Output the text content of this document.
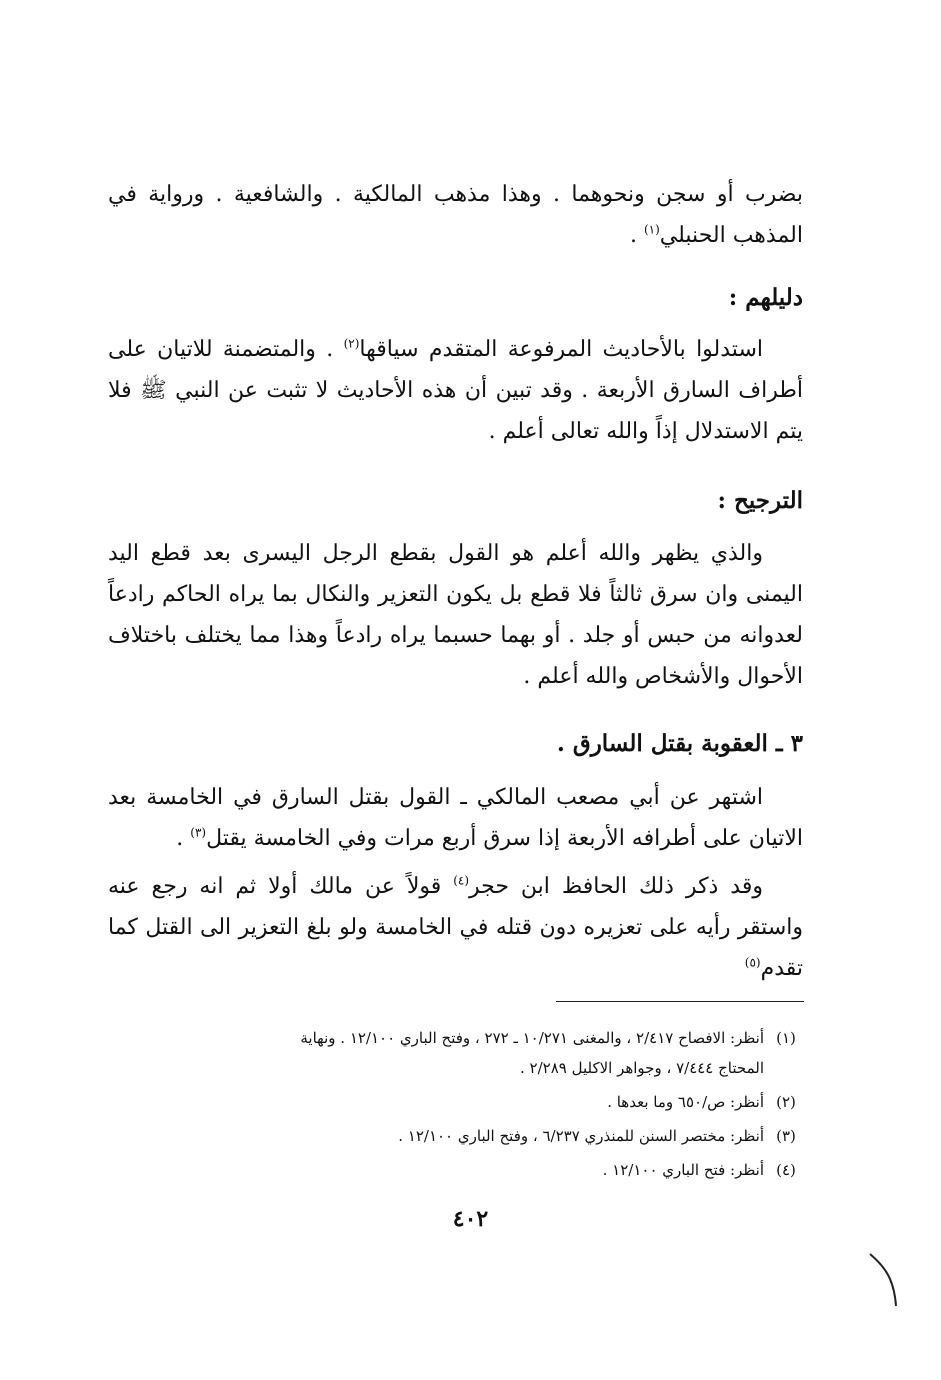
بضرب أو سجن ونحوهما . وهذا مذهب المالكية . والشافعية . ورواية في المذهب الحنبلي$^{(١)}$ .

دليلهم :

استدلوا بالأحاديث المرفوعة المتقدم سياقها$^{(٢)}$ . والمتضمنة للاتيان على أطراف السارق الأربعة . وقد تبين أن هذه الأحاديث لا تثبت عن النبي ﷺ فلا يتم الاستدلال إذاً والله تعالى أعلم .

الترجيح :

والذي يظهر والله أعلم هو القول بقطع الرجل اليسرى بعد قطع اليد اليمنى وان سرق ثالثاً فلا قطع بل يكون التعزير والنكال بما يراه الحاكم رادعاً لعدوانه من حبس أو جلد . أو بهما حسبما يراه رادعاً وهذا مما يختلف باختلاف الأحوال والأشخاص والله أعلم .

٣ ـ العقوبة بقتل السارق .

اشتهر عن أبي مصعب المالكي ـ القول بقتل السارق في الخامسة بعد الاتيان على أطرافه الأربعة إذا سرق أربع مرات وفي الخامسة يقتل$^{(٣)}$ .

وقد ذكر ذلك الحافظ ابن حجر$^{(٤)}$ قولاً عن مالك أولا ثم انه رجع عنه واستقر رأيه على تعزيره دون قتله في الخامسة ولو بلغ التعزير الى القتل كما تقدم$^{(٥)}$

(١)أنظر: الافصاح ٢/٤١٧ ، والمغنى ١٠/٢٧١ ـ ٢٧٢ ، وفتح الباري ١٢/١٠٠ . ونهاية
المحتاج ٧/٤٤٤ ، وجواهر الاكليل ٢/٢٨٩ .
(٢)أنظر: ص/٦٥٠ وما بعدها .
(٣)أنظر: مختصر السنن للمنذري ٦/٢٣٧ ، وفتح الباري ١٢/١٠٠ .
(٤)أنظر: فتح الباري ١٢/١٠٠ .
٤٠٢
